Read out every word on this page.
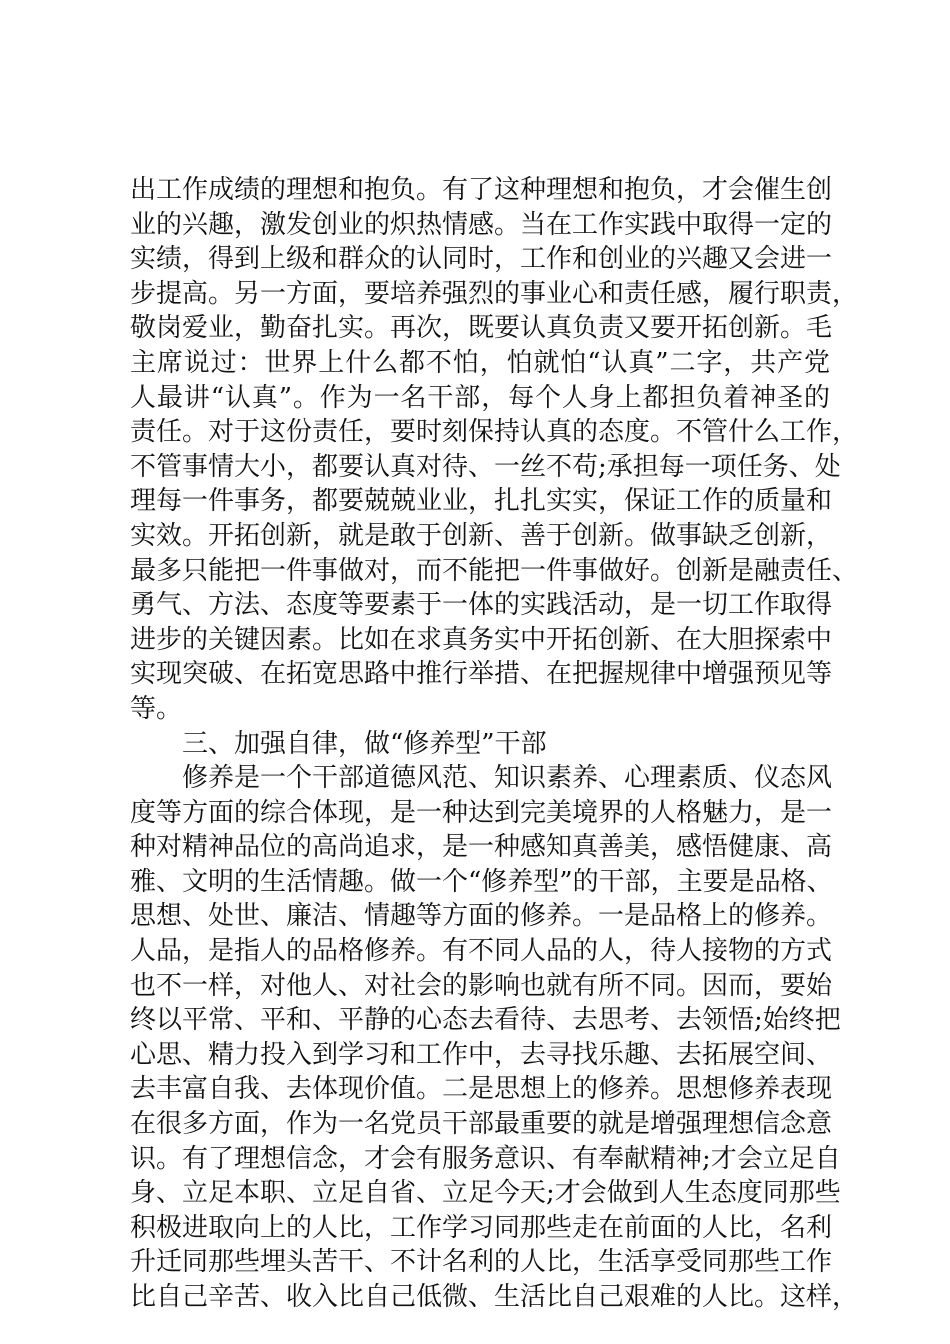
出工作成绩的理想和抱负。有了这种理想和抱负，才会催生创
业的兴趣，激发创业的炽热情感。当在工作实践中取得一定的
实绩，得到上级和群众的认同时，工作和创业的兴趣又会进一
步提高。另一方面，要培养强烈的事业心和责任感，履行职责，
敬岗爱业，勤奋扎实。再次，既要认真负责又要开拓创新。毛
主席说过：世界上什么都不怕，怕就怕“认真”二字，共产党
人最讲“认真”。作为一名干部，每个人身上都担负着神圣的
责任。对于这份责任，要时刻保持认真的态度。不管什么工作，
不管事情大小，都要认真对待、一丝不苟;承担每一项任务、处
理每一件事务，都要兢兢业业，扎扎实实，保证工作的质量和
实效。开拓创新，就是敢于创新、善于创新。做事缺乏创新，
最多只能把一件事做对，而不能把一件事做好。创新是融责任、
勇气、方法、态度等要素于一体的实践活动，是一切工作取得
进步的关键因素。比如在求真务实中开拓创新、在大胆探索中
实现突破、在拓宽思路中推行举措、在把握规律中增强预见等
等。
三、加强自律，做“修养型”干部
修养是一个干部道德风范、知识素养、心理素质、仪态风
度等方面的综合体现，是一种达到完美境界的人格魅力，是一
种对精神品位的高尚追求，是一种感知真善美，感悟健康、高
雅、文明的生活情趣。做一个“修养型”的干部，主要是品格、
思想、处世、廉洁、情趣等方面的修养。一是品格上的修养。
人品，是指人的品格修养。有不同人品的人，待人接物的方式
也不一样，对他人、对社会的影响也就有所不同。因而，要始
终以平常、平和、平静的心态去看待、去思考、去领悟;始终把
心思、精力投入到学习和工作中，去寻找乐趣、去拓展空间、
去丰富自我、去体现价值。二是思想上的修养。思想修养表现
在很多方面，作为一名党员干部最重要的就是增强理想信念意
识。有了理想信念，才会有服务意识、有奉献精神;才会立足自
身、立足本职、立足自省、立足今天;才会做到人生态度同那些
积极进取向上的人比，工作学习同那些走在前面的人比，名利
升迁同那些埋头苦干、不计名利的人比，生活享受同那些工作
比自己辛苦、收入比自己低微、生活比自己艰难的人比。这样，
